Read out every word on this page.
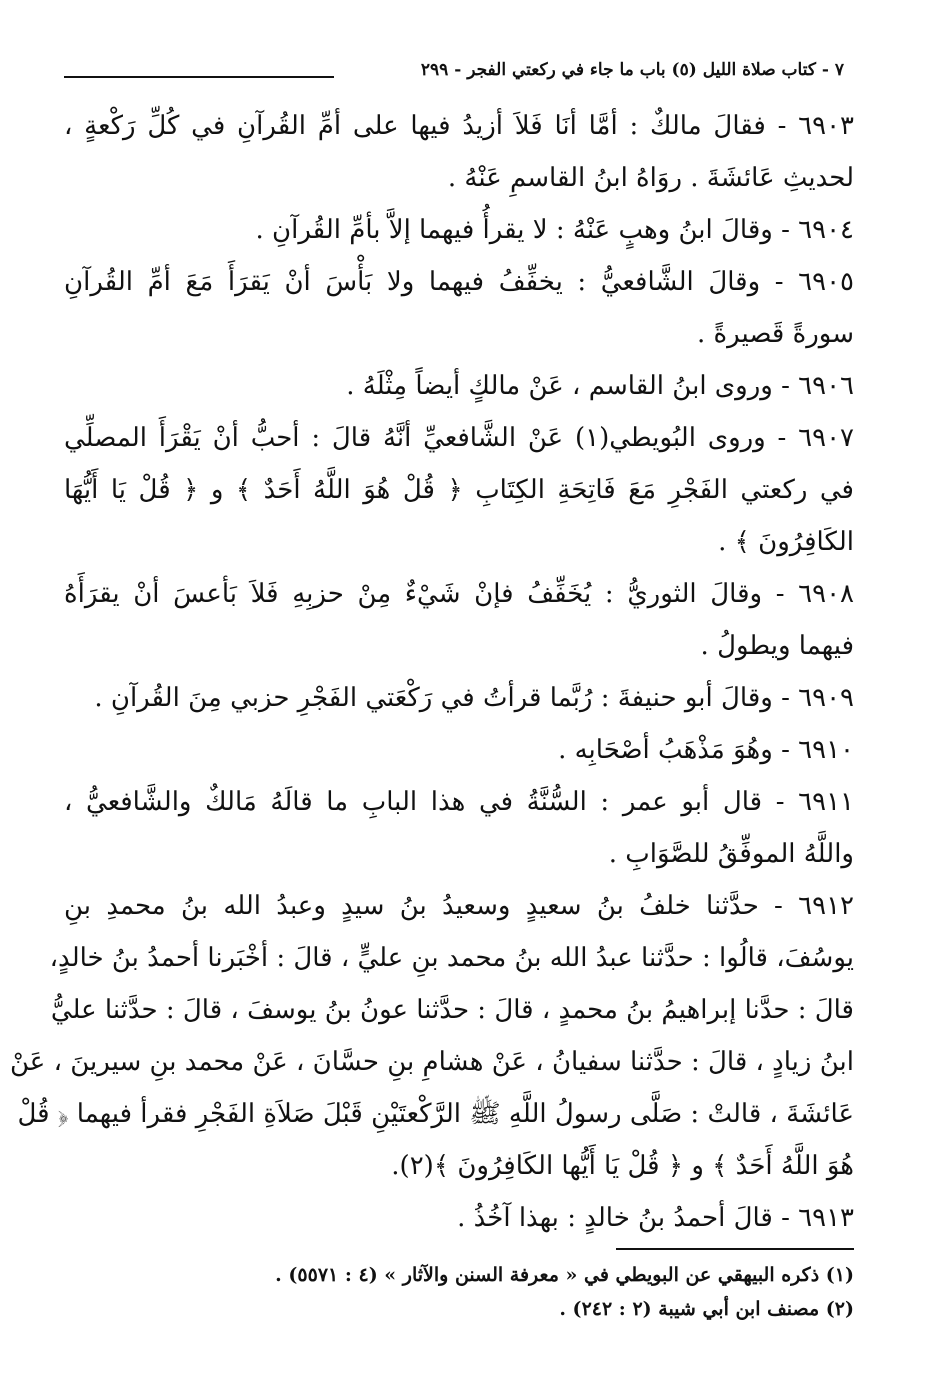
٧ - كتاب صلاة الليل (٥) باب ما جاء في ركعتي الفجر - ٢٩٩
٦٩٠٣ - فقالَ مالكٌ : أمَّا أنَا فَلاَ أزيدُ فيها على أمِّ القُرآنِ في كُلِّ رَكْعةٍ ،
لحديثِ عَائشَةَ . روَاهُ ابنُ القاسمِ عَنْهُ .
٦٩٠٤ - وقالَ ابنُ وهبٍ عَنْهُ : لا يقرأُ فيهما إلاَّ بأمِّ القُرآنِ .
٦٩٠٥ - وقالَ الشَّافعيُّ : يخفِّفُ فيهما ولا بَأْسَ أنْ يَقرَأَ مَعَ أمِّ القُرآنِ
سورةً قَصيرةً .
٦٩٠٦ - وروى ابنُ القاسم ، عَنْ مالكٍ أيضاً مِثْلَهُ .
٦٩٠٧ - وروى البُويطي(١) عَنْ الشَّافعيِّ أنَّهُ قالَ : أحبُّ أنْ يَقْرَأَ المصلِّي
في ركعتي الفَجْرِ مَعَ فَاتِحَةِ الكِتَابِ ﴿ قُلْ هُوَ اللَّهُ أَحَدٌ ﴾ و ﴿ قُلْ يَا أَيُّهَا
الكَافِرُونَ ﴾ .
٦٩٠٨ - وقالَ الثوريُّ : يُخَفِّفُ فإنْ شَيْءٌ مِنْ حزبِهِ فَلاَ بَأعسَ أنْ يقرَأَهُ
فيهما ويطولُ .
٦٩٠٩ - وقالَ أبو حنيفةَ : رُبَّما قرأتُ في رَكْعَتي الفَجْرِ حزبي مِنَ القُرآنِ .
٦٩١٠ - وهُوَ مَذْهَبُ أصْحَابِه .
٦٩١١ - قال أبو عمر : السُّنَّةُ في هذا البابِ ما قالَهُ مَالكٌ والشَّافعيُّ ،
واللَّهُ الموفِّقُ للصَّوَابِ .
٦٩١٢ - حدَّثنا خلفُ بنُ سعيدٍ وسعيدُ بنُ سيدٍ وعبدُ الله بنُ محمدِ بنِ
يوسُفَ، قالُوا : حدَّثنا عبدُ الله بنُ محمد بنِ عليٍّ ، قالَ : أخْبَرنا أحمدُ بنُ خالدٍ،
قالَ : حدَّنا إبراهيمُ بنُ محمدٍ ، قالَ : حدَّثنا عونُ بنُ يوسفَ ، قالَ : حدَّثنا عليُّ
ابنُ زيادٍ ، قالَ : حدَّثنا سفيانُ ، عَنْ هشامِ بنِ حسَّانَ ، عَنْ محمد بنِ سيرينَ ، عَنْ
عَائشَةَ ، قالتْ : صَلَّى رسولُ اللَّهِ ﷺ الرَّكْعتَيْنِ قَبْلَ صَلاَةِ الفَجْرِ فقرأ فيهما ﴿ قُلْ
هُوَ اللَّهُ أَحَدٌ ﴾ و ﴿ قُلْ يَا أَيُّها الكَافِرُونَ ﴾(٢).
٦٩١٣ - قالَ أحمدُ بنُ خالدٍ : بهذا آخُذُ .
(١) ذكره البيهقي عن البويطي في « معرفة السنن والآثار » (٤ : ٥٥٧١) .
(٢) مصنف ابن أبي شيبة (٢ : ٢٤٢) .
